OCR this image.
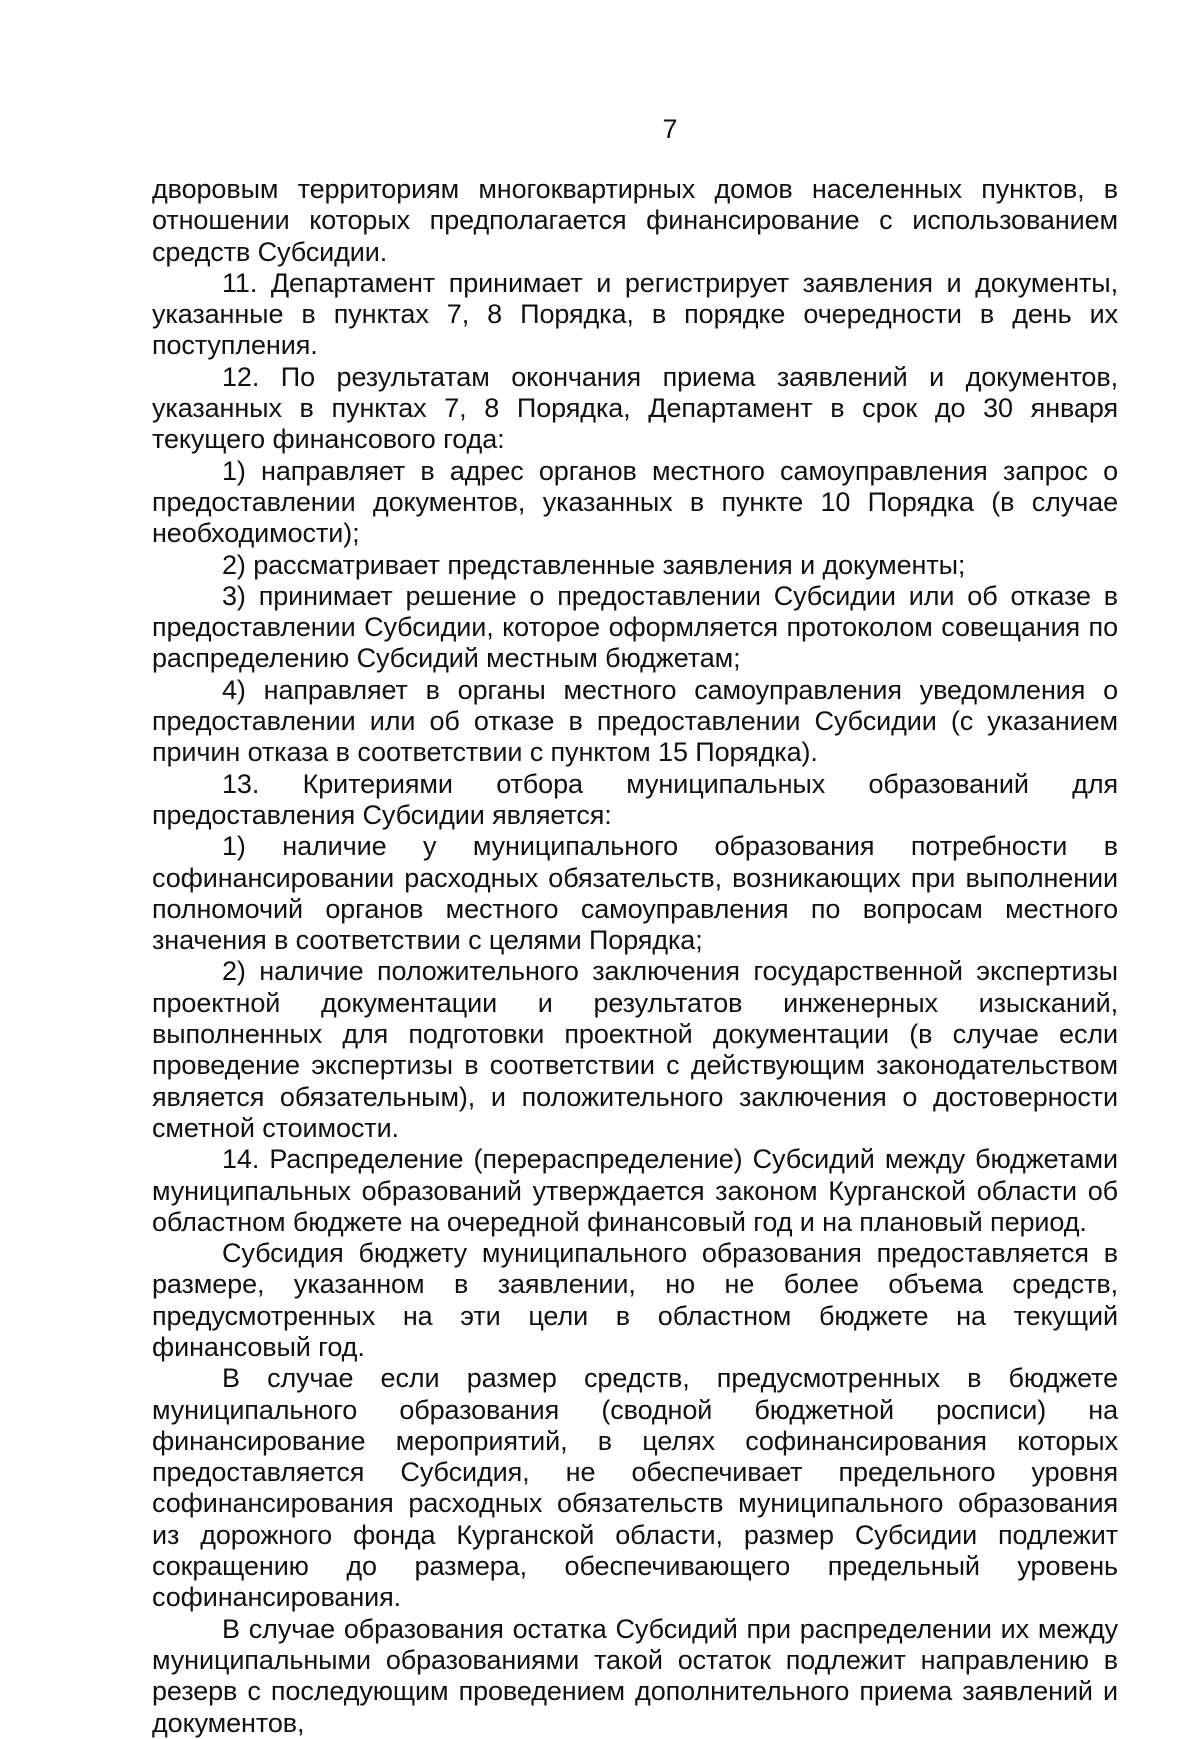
7

дворовым территориям многоквартирных домов населенных пунктов, в отношении которых предполагается финансирование с использованием средств Субсидии.

11. Департамент принимает и регистрирует заявления и документы, указанные в пунктах 7, 8 Порядка, в порядке очередности в день их поступления.

12. По результатам окончания приема заявлений и документов, указанных в пунктах 7, 8 Порядка, Департамент в срок до 30 января текущего финансового года:

1) направляет в адрес органов местного самоуправления запрос о предоставлении документов, указанных в пункте 10 Порядка (в случае необходимости);

2) рассматривает представленные заявления и документы;

3) принимает решение о предоставлении Субсидии или об отказе в предоставлении Субсидии, которое оформляется протоколом совещания по распределению Субсидий местным бюджетам;

4) направляет в органы местного самоуправления уведомления о предоставлении или об отказе в предоставлении Субсидии (с указанием причин отказа в соответствии с пунктом 15 Порядка).

13. Критериями отбора муниципальных образований для предоставления Субсидии является:

1) наличие у муниципального образования потребности в софинансировании расходных обязательств, возникающих при выполнении полномочий органов местного самоуправления по вопросам местного значения в соответствии с целями Порядка;

2) наличие положительного заключения государственной экспертизы проектной документации и результатов инженерных изысканий, выполненных для подготовки проектной документации (в случае если проведение экспертизы в соответствии с действующим законодательством является обязательным), и положительного заключения о достоверности сметной стоимости.

14. Распределение (перераспределение) Субсидий между бюджетами муниципальных образований утверждается законом Курганской области об областном бюджете на очередной финансовый год и на плановый период.

Субсидия бюджету муниципального образования предоставляется в размере, указанном в заявлении, но не более объема средств, предусмотренных на эти цели в областном бюджете на текущий финансовый год.

В случае если размер средств, предусмотренных в бюджете муниципального образования (сводной бюджетной росписи) на финансирование мероприятий, в целях софинансирования которых предоставляется Субсидия, не обеспечивает предельного уровня софинансирования расходных обязательств муниципального образования из дорожного фонда Курганской области, размер Субсидии подлежит сокращению до размера, обеспечивающего предельный уровень софинансирования.

В случае образования остатка Субсидий при распределении их между муниципальными образованиями такой остаток подлежит направлению в резерв с последующим проведением дополнительного приема заявлений и документов,
